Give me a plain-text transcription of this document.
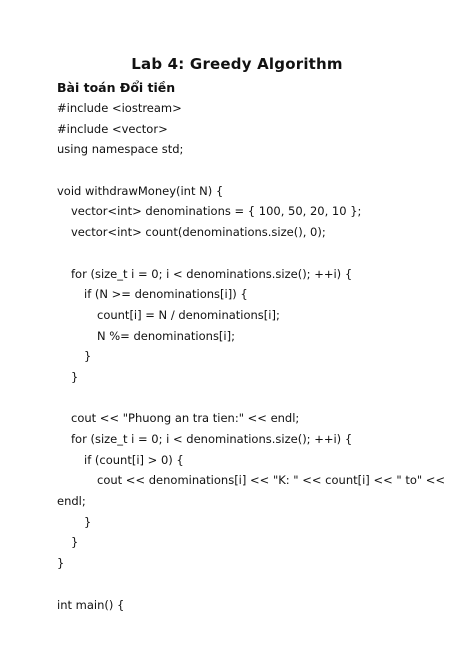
Lab 4: Greedy Algorithm
Bài toán Đổi tiền
#include <iostream>
#include <vector>
using namespace std;
void withdrawMoney(int N) {
vector<int> denominations = { 100, 50, 20, 10 };
vector<int> count(denominations.size(), 0);
for (size_t i = 0; i < denominations.size(); ++i) {
if (N >= denominations[i]) {
count[i] = N / denominations[i];
N %= denominations[i];
}
}
cout << "Phuong an tra tien:" << endl;
for (size_t i = 0; i < denominations.size(); ++i) {
if (count[i] > 0) {
cout << denominations[i] << "K: " << count[i] << " to" <<
endl;
}
}
}
int main() {
